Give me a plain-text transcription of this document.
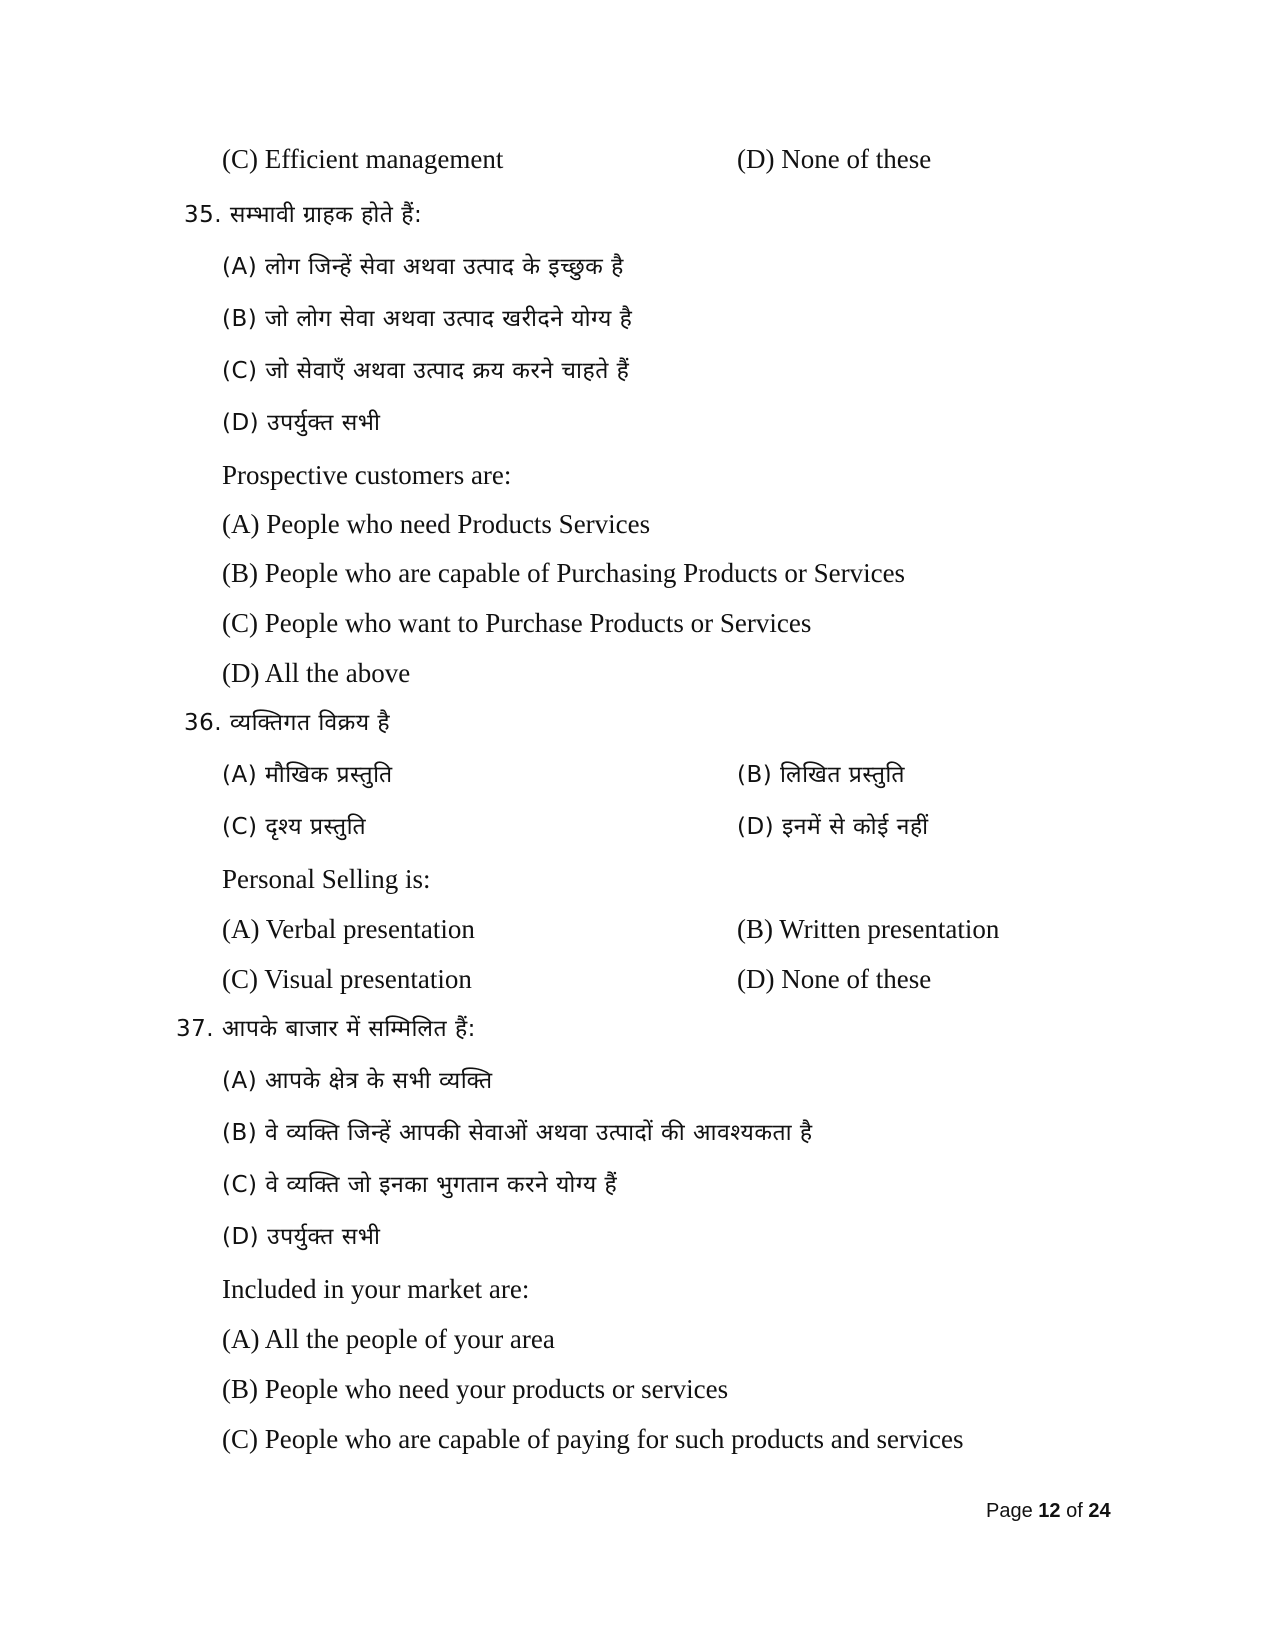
(C) Efficient management	(D) None of these
35. सम्भावी ग्राहक होते हैं:
(A) लोग जिन्हें सेवा अथवा उत्पाद के इच्छुक है
(B) जो लोग सेवा अथवा उत्पाद खरीदने योग्य है
(C) जो सेवाएँ अथवा उत्पाद क्रय करने चाहते हैं
(D) उपर्युक्त सभी
Prospective customers are:
(A) People who need Products Services
(B) People who are capable of Purchasing Products or Services
(C) People who want to Purchase Products or Services
(D) All the above
36. व्यक्तिगत विक्रय है
(A) मौखिक प्रस्तुति	(B) लिखित प्रस्तुति
(C) दृश्य प्रस्तुति	(D) इनमें से कोई नहीं
Personal Selling is:
(A) Verbal presentation	(B) Written presentation
(C) Visual presentation	(D) None of these
37. आपके बाजार में सम्मिलित हैं:
(A) आपके क्षेत्र के सभी व्यक्ति
(B) वे व्यक्ति जिन्हें आपकी सेवाओं अथवा उत्पादों की आवश्यकता है
(C) वे व्यक्ति जो इनका भुगतान करने योग्य हैं
(D) उपर्युक्त सभी
Included in your market are:
(A) All the people of your area
(B) People who need your products or services
(C) People who are capable of paying for such products and services
Page 12 of 24
